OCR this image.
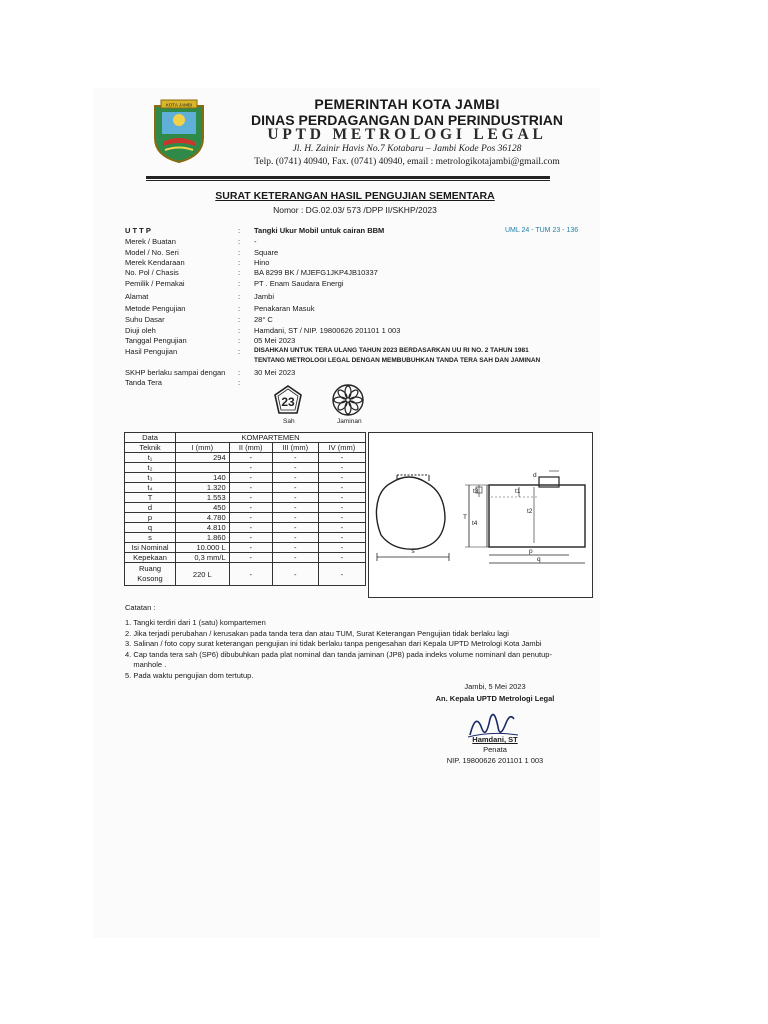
KOTA JAMBI	PEMERINTAH KOTA JAMBI
DINAS PERDAGANGAN DAN PERINDUSTRIAN
UPTD METROLOGI LEGAL
Jl. H. Zainir Havis No.7 Kotabaru – Jambi Kode Pos 36128
Telp. (0741) 40940, Fax. (0741) 40940, email : metrologikotajambi@gmail.com
SURAT KETERANGAN HASIL PENGUJIAN SEMENTARA
Nomor : DG.02.03/ 573 /DPP II/SKHP/2023
UML 24 - TUM 23 - 136
U T T P	: Tangki Ukur Mobil untuk cairan BBM
Merek / Buatan	: -
Model / No. Seri	: Square
Merek Kendaraan	: Hino
No. Pol / Chasis	: BA 8299 BK / MJEFG1JKP4JB10337
Pemilik / Pemakai	: PT . Enam Saudara Energi
Alamat	: Jambi
Metode Pengujian	: Penakaran Masuk
Suhu Dasar	: 28° C
Diuji oleh	: Hamdani, ST / NIP. 19800626 201101 1 003
Tanggal Pengujian	: 05 Mei 2023
Hasil Pengujian	: DISAHKAN UNTUK TERA ULANG TAHUN 2023 BERDASARKAN UU RI NO. 2 TAHUN 1981
TENTANG METROLOGI LEGAL DENGAN MEMBUBUHKAN TANDA TERA SAH DAN JAMINAN
SKHP berlaku sampai dengan : 30 Mei 2023
Tanda Tera	:
23
Sah	Jaminan
Data	KOMPARTEMEN			
Teknik	I (mm)	II (mm)	III (mm)	IV (mm)
t₁	294	-	-	-
t₂		-	-	-
t₃	140	-	-	-
t₄	1.320	-	-	-
T	1.553	-	-	-
d	450	-	-	-
p	4.780	-	-	-
q	4.810	-	-	-
s	1.860	-	-	-
Isi Nominal	10.000 L	-	-	-
Kepekaan	0,3 mm/L	-	-	-

Ruang
Kosong	220 L	-	-	-
s
d
t3	t1
T
t4
t2
p
q
Catatan :
1. Tangki terdiri dari 1 (satu) kompartemen
2. Jika terjadi perubahan / kerusakan pada tanda tera dan atau TUM, Surat Keterangan Pengujian tidak berlaku lagi
3. Salinan / foto copy surat keterangan pengujian ini tidak berlaku tanpa pengesahan dari Kepala UPTD Metrologi Kota Jambi
4. Cap tanda tera sah (SP6) dibubuhkan pada plat nominal dan tanda jaminan (JP8) pada indeks volume nominanl dan penutup-
manhole .
5. Pada waktu pengujian dom tertutup.
Jambi, 5 Mei 2023
An. Kepala UPTD Metrologi Legal
Hamdani, ST
Penata
NIP. 19800626 201101 1 003
